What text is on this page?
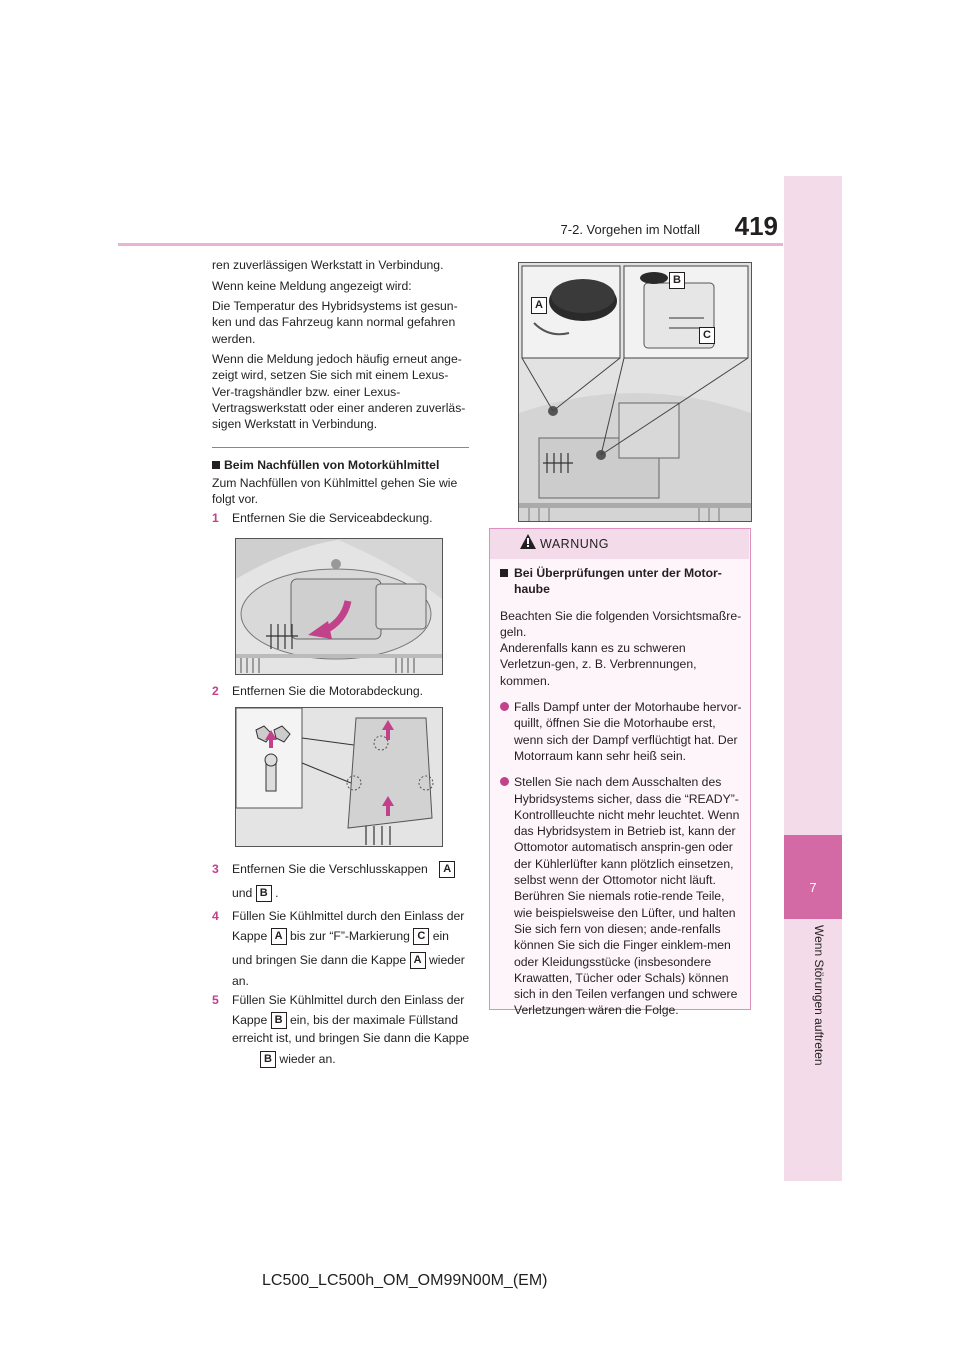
7-2. Vorgehen im Notfall	419
7
Wenn Störungen auftreten
ren zuverlässigen Werkstatt in Verbindung.
Wenn keine Meldung angezeigt wird:
Die Temperatur des Hybridsystems ist gesun-ken und das Fahrzeug kann normal gefahren werden.
Wenn die Meldung jedoch häufig erneut ange-zeigt wird, setzen Sie sich mit einem Lexus-Ver-tragshändler bzw. einer Lexus-Vertragswerkstatt oder einer anderen zuverläs-sigen Werkstatt in Verbindung.
Beim Nachfüllen von Motorkühlmittel
Zum Nachfüllen von Kühlmittel gehen Sie wie folgt vor.
1 Entfernen Sie die Serviceabdeckung.
2 Entfernen Sie die Motorabdeckung.
3 Entfernen Sie die Verschlusskappen A
und B .
4 Füllen Sie Kühlmittel durch den Einlass der
Kappe A bis zur “F”-Markierung C ein
und bringen Sie dann die Kappe A wieder
an.
5 Füllen Sie Kühlmittel durch den Einlass der
Kappe B ein, bis der maximale Füllstand
erreicht ist, und bringen Sie dann die Kappe
B wieder an.
A
B
C
WARNUNG
Bei Überprüfungen unter der Motor-haube
Beachten Sie die folgenden Vorsichtsmaßre-geln.
Anderenfalls kann es zu schweren Verletzun-gen, z. B. Verbrennungen, kommen.
Falls Dampf unter der Motorhaube hervor-quillt, öffnen Sie die Motorhaube erst, wenn sich der Dampf verflüchtigt hat. Der Motorraum kann sehr heiß sein.
Stellen Sie nach dem Ausschalten des Hybridsystems sicher, dass die “READY”-Kontrollleuchte nicht mehr leuchtet. Wenn das Hybridsystem in Betrieb ist, kann der Ottomotor automatisch ansprin-gen oder der Kühlerlüfter kann plötzlich einsetzen, selbst wenn der Ottomotor nicht läuft. Berühren Sie niemals rotie-rende Teile, wie beispielsweise den Lüfter, und halten Sie sich fern von diesen; ande-renfalls können Sie sich die Finger einklem-men oder Kleidungsstücke (insbesondere Krawatten, Tücher oder Schals) können sich in den Teilen verfangen und schwere Verletzungen wären die Folge.
LC500_LC500h_OM_OM99N00M_(EM)
